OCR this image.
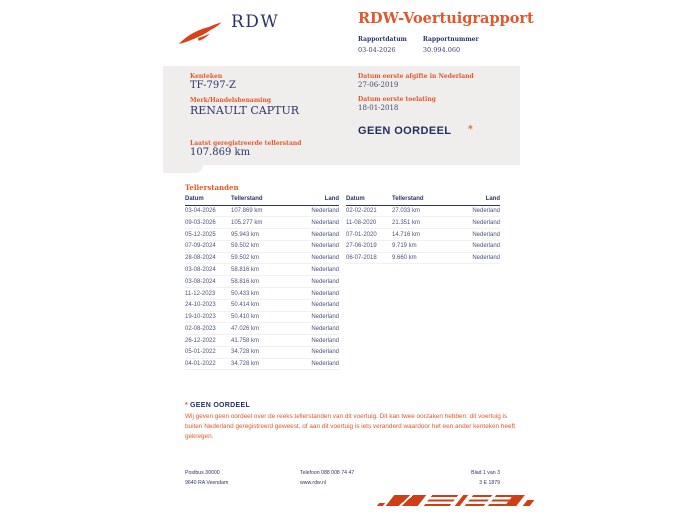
RDW	RDW-Voertuigrapport
Rapportdatum
03-04-2026
Rapportnummer
30.994.060
Kenteken
TF-797-Z
Merk/Handelsbenaming
RENAULT CAPTUR
Laatst geregistreerde tellerstand
107.869 km
Datum eerste afgifte in Nederland
27-06-2019
Datum eerste toelating
18-01-2018
GEEN OORDEEL *
Tellerstanden
Datum	Tellerstand	Land
03-04-2026	107.869 km	Nederland
09-03-2026	105.277 km	Nederland
05-12-2025	95.943 km	Nederland
07-09-2024	59.502 km	Nederland
28-08-2024	59.502 km	Nederland
03-08-2024	58.816 km	Nederland
03-08-2024	58.816 km	Nederland
11-12-2023	50.433 km	Nederland
24-10-2023	50.414 km	Nederland
19-10-2023	50.410 km	Nederland
02-08-2023	47.026 km	Nederland
26-12-2022	41.758 km	Nederland
05-01-2022	34.728 km	Nederland
04-01-2022	34.728 km	Nederland
Datum	Tellerstand	Land
02-02-2021	27.033 km	Nederland
11-08-2020	21.351 km	Nederland
07-01-2020	14.716 km	Nederland
27-06-2019	9.719 km	Nederland
06-07-2018	9.660 km	Nederland
* GEEN OORDEEL
Wij geven geen oordeel over de reeks tellerstanden van dit voertuig. Dit kan twee oorzaken hebben: dit voertuig is buiten Nederland geregistreerd geweest, of aan dit voertuig is iets veranderd waardoor het een ander kenteken heeft gekregen.
Postbus 30000
9640 RA Veendam
Telefoon 088 008 74 47
www.rdw.nl
Blad 1 van 3
3 E 1879
